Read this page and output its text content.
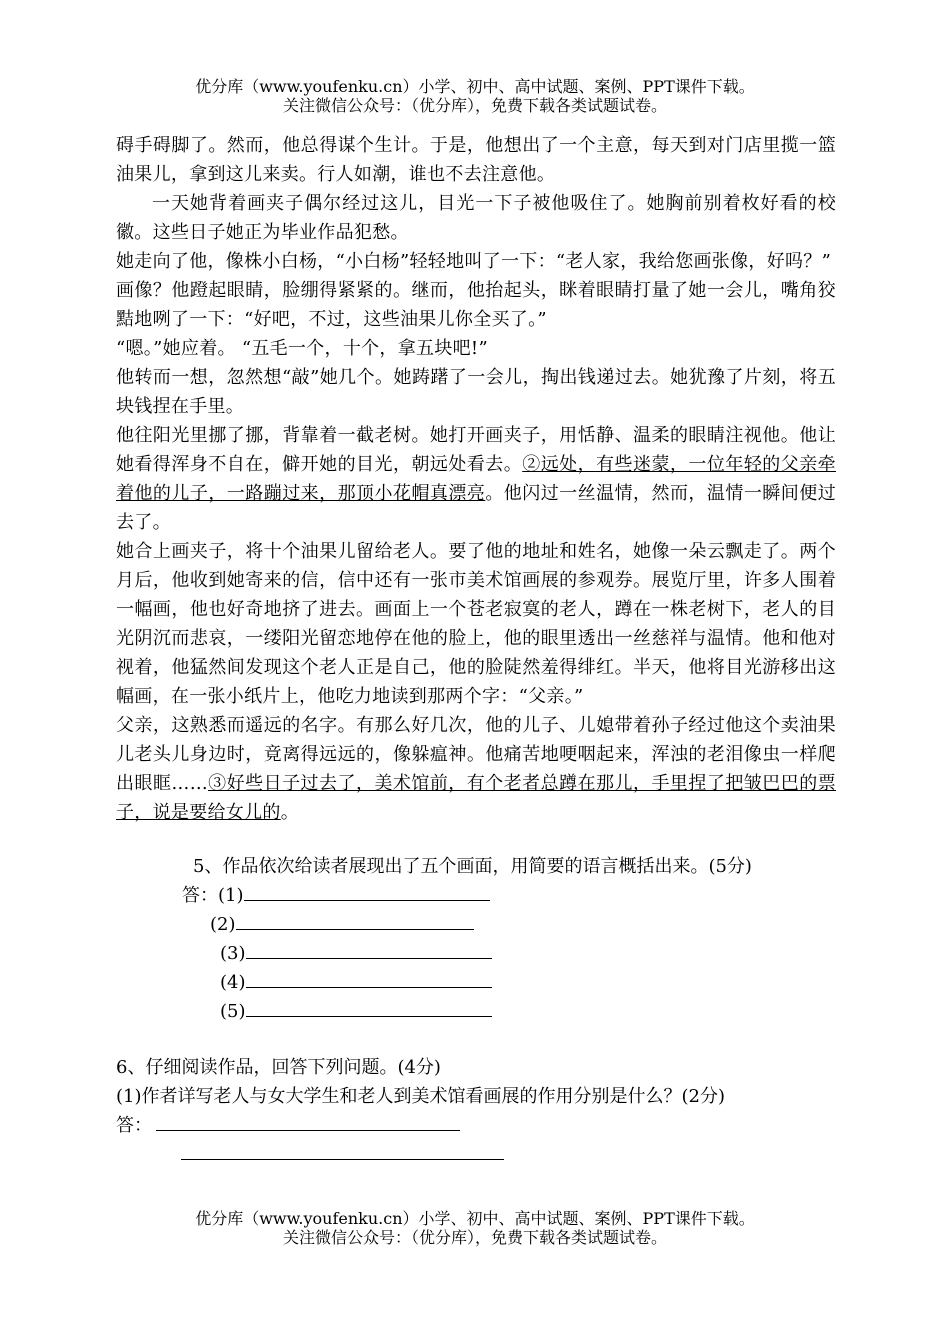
优分库（www.youfenku.cn）小学、初中、高中试题、案例、PPT课件下载。
关注微信公众号：（优分库），免费下载各类试题试卷。

碍手碍脚了。然而，他总得谋个生计。于是，他想出了一个主意，每天到对门店里揽一篮油果儿，拿到这儿来卖。行人如潮，谁也不去注意他。

一天她背着画夹子偶尔经过这儿，目光一下子被他吸住了。她胸前别着枚好看的校徽。这些日子她正为毕业作品犯愁。

她走向了他，像株小白杨，“小白杨”轻轻地叫了一下：“老人家，我给您画张像，好吗？”

画像？他蹬起眼睛，脸绷得紧紧的。继而，他抬起头，眯着眼睛打量了她一会儿，嘴角狡黠地咧了一下：“好吧，不过，这些油果儿你全买了。”

“嗯。”她应着。 “五毛一个，十个，拿五块吧!”

他转而一想，忽然想“敲”她几个。她踌躇了一会儿，掏出钱递过去。她犹豫了片刻，将五块钱捏在手里。

他往阳光里挪了挪，背靠着一截老树。她打开画夹子，用恬静、温柔的眼睛注视他。他让她看得浑身不自在，僻开她的目光，朝远处看去。②远处，有些迷蒙，一位年轻的父亲牵着他的儿子，一路蹦过来，那顶小花帽真漂亮。他闪过一丝温情，然而，温情一瞬间便过去了。

她合上画夹子，将十个油果儿留给老人。要了他的地址和姓名，她像一朵云飘走了。两个月后，他收到她寄来的信，信中还有一张市美术馆画展的参观券。展览厅里，许多人围着一幅画，他也好奇地挤了进去。画面上一个苍老寂寞的老人，蹲在一株老树下，老人的目光阴沉而悲哀，一缕阳光留恋地停在他的脸上，他的眼里透出一丝慈祥与温情。他和他对视着，他猛然间发现这个老人正是自己，他的脸陡然羞得绯红。半天，他将目光游移出这幅画，在一张小纸片上，他吃力地读到那两个字：“父亲。”

父亲，这熟悉而遥远的名字。有那么好几次，他的儿子、儿媳带着孙子经过他这个卖油果儿老头儿身边时，竟离得远远的，像躲瘟神。他痛苦地哽咽起来，浑浊的老泪像虫一样爬出眼眶……③好些日子过去了，美术馆前，有个老者总蹲在那儿，手里捏了把皱巴巴的票子，说是要给女儿的。

5、作品依次给读者展现出了五个画面，用简要的语言概括出来。(5分)
答：(1)
(2)
(3)
(4)
(5)
6、仔细阅读作品，回答下列问题。(4分)
(1)作者详写老人与女大学生和老人到美术馆看画展的作用分别是什么？(2分)
答：
优分库（www.youfenku.cn）小学、初中、高中试题、案例、PPT课件下载。
关注微信公众号：（优分库），免费下载各类试题试卷。
